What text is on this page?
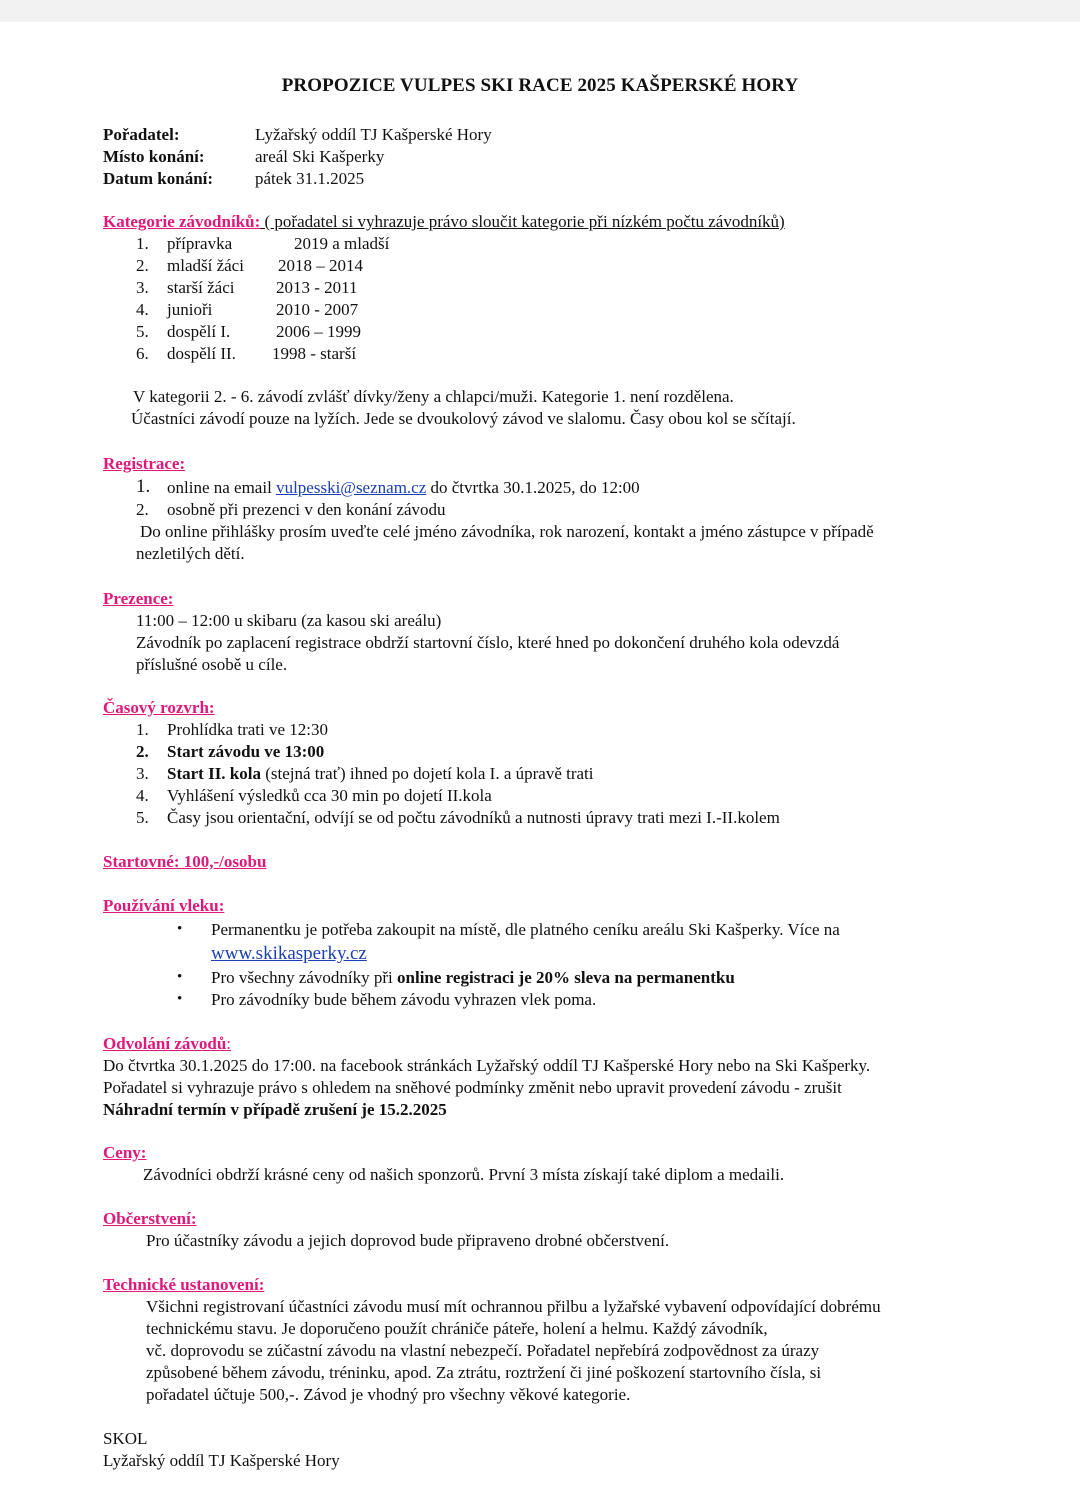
PROPOZICE VULPES SKI RACE 2025 KAŠPERSKÉ HORY
Pořadatel:	Lyžařský oddíl TJ Kašperské Hory
Místo konání:	areál Ski Kašperky
Datum konání: pátek 31.1.2025
Kategorie závodníků: ( pořadatel si vyhrazuje právo sloučit kategorie při nízkém počtu závodníků)
1. přípravka	2019 a mladší
2. mladší žáci 2018 – 2014
3. starší žáci 2013 - 2011
4. junioři	2010 - 2007
5. dospělí I.	2006 – 1999
6. dospělí II. 1998 - starší
V kategorii 2. - 6. závodí zvlášť dívky/ženy a chlapci/muži. Kategorie 1. není rozdělena.
Účastníci závodí pouze na lyžích. Jede se dvoukolový závod ve slalomu. Časy obou kol se sčítají.
Registrace:
1. online na email vulpesski@seznam.cz do čtvrtka 30.1.2025, do 12:00
2. osobně při prezenci v den konání závodu
Do online přihlášky prosím uveďte celé jméno závodníka, rok narození, kontakt a jméno zástupce v případě
nezletilých dětí.
Prezence:
11:00 – 12:00 u skibaru (za kasou ski areálu)
Závodník po zaplacení registrace obdrží startovní číslo, které hned po dokončení druhého kola odevzdá
příslušné osobě u cíle.
Časový rozvrh:
1. Prohlídka trati ve 12:30
2. Start závodu ve 13:00
3. Start II. kola (stejná trať) ihned po dojetí kola I. a úpravě trati
4. Vyhlášení výsledků cca 30 min po dojetí II.kola
5. Časy jsou orientační, odvíjí se od počtu závodníků a nutnosti úpravy trati mezi I.-II.kolem
Startovné: 100,-/osobu
Používání vleku:
• Permanentku je potřeba zakoupit na místě, dle platného ceníku areálu Ski Kašperky. Více na
www.skikasperky.cz
• Pro všechny závodníky při online registraci je 20% sleva na permanentku
• Pro závodníky bude během závodu vyhrazen vlek poma.
Odvolání závodů:
Do čtvrtka 30.1.2025 do 17:00. na facebook stránkách Lyžařský oddíl TJ Kašperské Hory nebo na Ski Kašperky.
Pořadatel si vyhrazuje právo s ohledem na sněhové podmínky změnit nebo upravit provedení závodu - zrušit
Náhradní termín v případě zrušení je 15.2.2025
Ceny:
Závodníci obdrží krásné ceny od našich sponzorů. První 3 místa získají také diplom a medaili.
Občerstvení:
Pro účastníky závodu a jejich doprovod bude připraveno drobné občerstvení.
Technické ustanovení:
Všichni registrovaní účastníci závodu musí mít ochrannou přilbu a lyžařské vybavení odpovídající dobrému
technickému stavu. Je doporučeno použít chrániče páteře, holení a helmu. Každý závodník,
vč. doprovodu se zúčastní závodu na vlastní nebezpečí. Pořadatel nepřebírá zodpovědnost za úrazy
způsobené během závodu, tréninku, apod. Za ztrátu, roztržení či jiné poškození startovního čísla, si
pořadatel účtuje 500,-. Závod je vhodný pro všechny věkové kategorie.
SKOL
Lyžařský oddíl TJ Kašperské Hory
